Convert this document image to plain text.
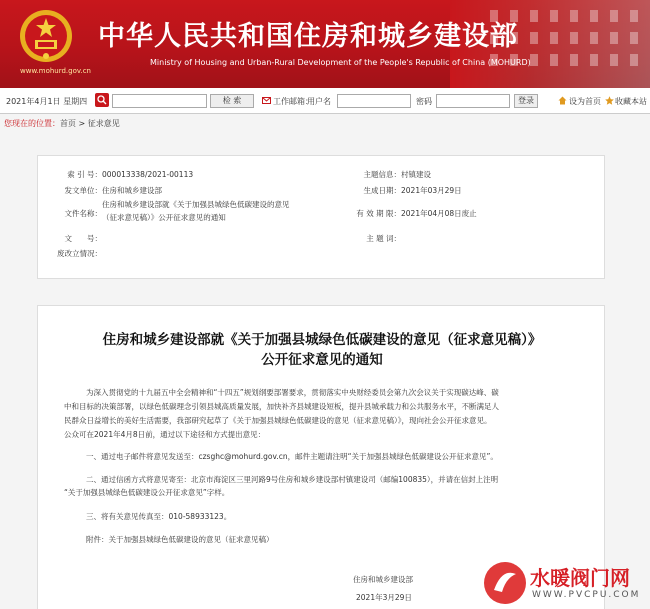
www.mohurd.gov.cn
中华人民共和国住房和城乡建设部
Ministry of Housing and Urban-Rural Development of the People's Republic of China (MOHURD)
2021年4月1日 星期四	检 索	工作邮箱：
用户名	密码	登录	设为首页 收藏本站
您现在的位置：首页 > 征求意见
索 引 号：000013338/2021-00113	主题信息：村镇建设
发文单位：住房和城乡建设部	生成日期：2021年03月29日
文件名称：
住房和城乡建设部就《关于加强县城绿色低碳建设的意见
（征求意见稿）》公开征求意见的通知	有 效 期 限：2021年04月08日废止
文　　号：	主 题 词：
废改立情况：
住房和城乡建设部就《关于加强县城绿色低碳建设的意见（征求意见稿）》
公开征求意见的通知
为深入贯彻党的十九届五中全会精神和“十四五”规划纲要部署要求，贯彻落实中央财经委员会第九次会议关于实现碳达峰、碳
中和目标的决策部署，以绿色低碳理念引领县城高质量发展，加快补齐县城建设短板，提升县城承载力和公共服务水平，不断满足人
民群众日益增长的美好生活需要，我部研究起草了《关于加强县城绿色低碳建设的意见（征求意见稿）》，现向社会公开征求意见。
公众可在2021年4月8日前，通过以下途径和方式提出意见：
一、通过电子邮件将意见发送至：czsghc@mohurd.gov.cn，邮件主题请注明“关于加强县城绿色低碳建设公开征求意见”。
二、通过信函方式将意见寄至：北京市海淀区三里河路9号住房和城乡建设部村镇建设司（邮编100835），并请在信封上注明
“关于加强县城绿色低碳建设公开征求意见”字样。
三、将有关意见传真至：010-58933123。
附件：关于加强县城绿色低碳建设的意见（征求意见稿）
住房和城乡建设部
2021年3月29日
水暖阀门网
WWW.PVCPU.COM
